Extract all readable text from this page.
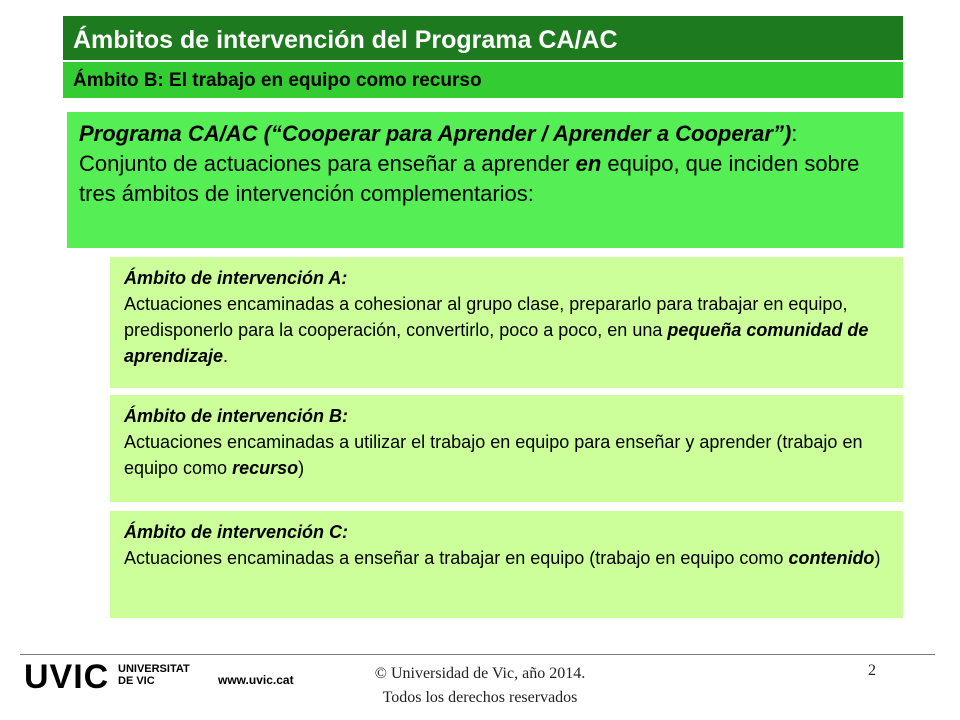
Ámbitos de intervención del Programa CA/AC
Ámbito B: El trabajo en equipo como recurso
Programa CA/AC (“Cooperar para Aprender / Aprender a Cooperar”):
Conjunto de actuaciones para enseñar a aprender en equipo, que inciden sobre tres ámbitos de intervención complementarios:
Ámbito de intervención A:
Actuaciones encaminadas a cohesionar al grupo clase, prepararlo para trabajar en equipo, predisponerlo para la cooperación, convertirlo, poco a poco, en una pequeña comunidad de aprendizaje.
Ámbito de intervención B:
Actuaciones encaminadas a utilizar el trabajo en equipo para enseñar y aprender (trabajo en equipo como recurso)
Ámbito de intervención C:
Actuaciones encaminadas a enseñar a trabajar en equipo (trabajo en equipo como contenido)
UVIC UNIVERSITAT
DE VIC	www.uvic.cat	© Universidad de Vic, año 2014.
Todos los derechos reservados
2
